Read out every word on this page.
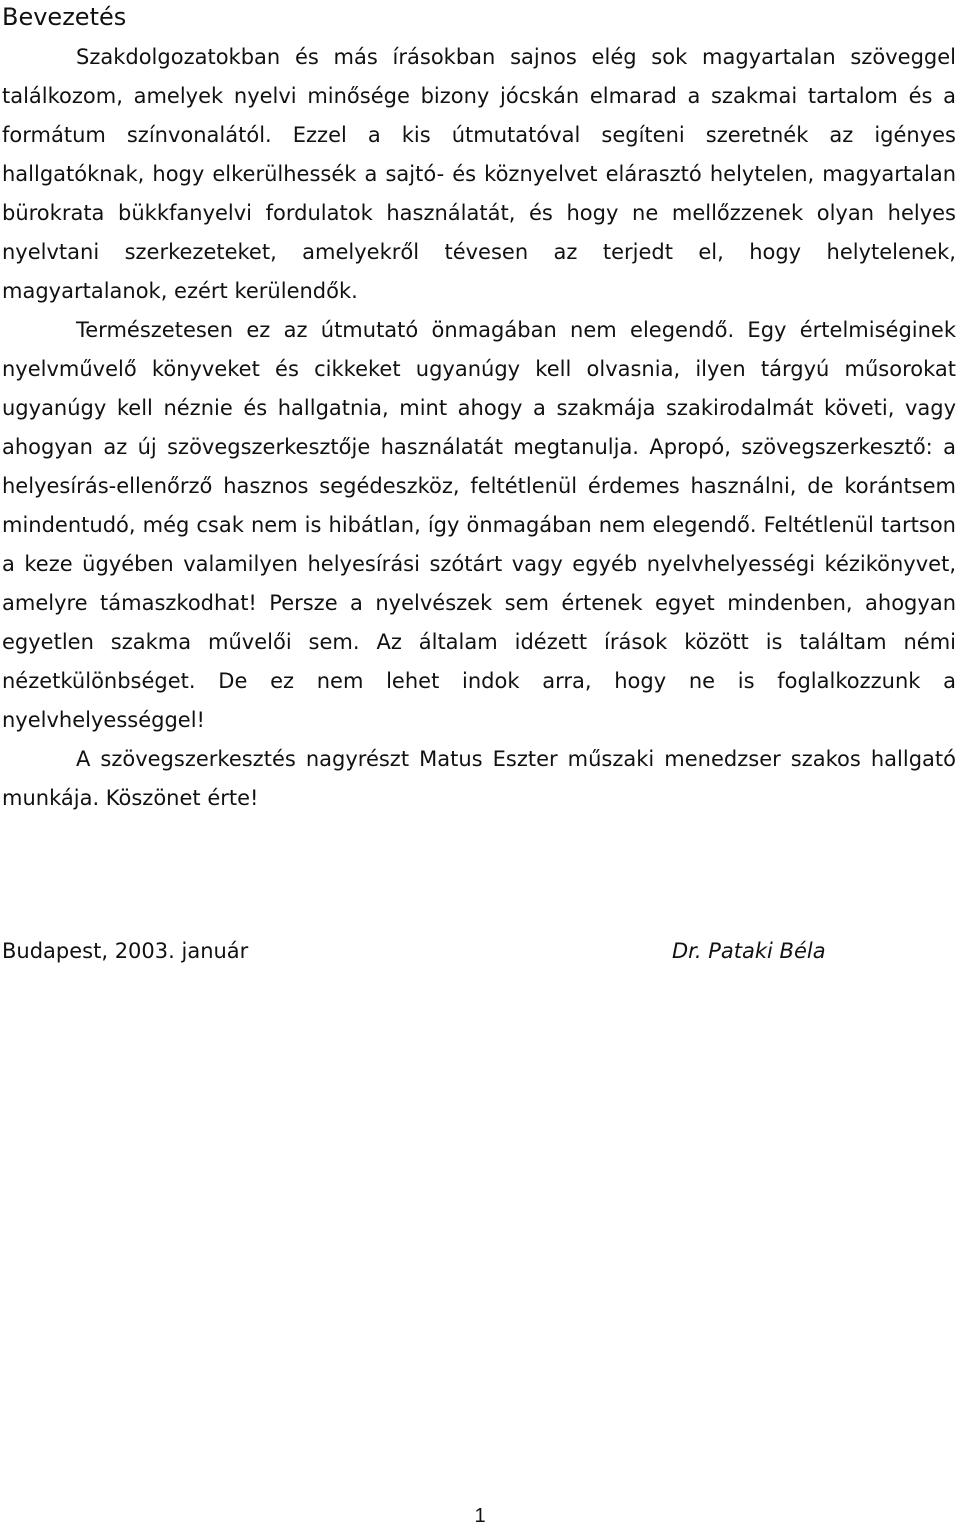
Bevezetés

Szakdolgozatokban és más írásokban sajnos elég sok magyartalan szöveggel találkozom, amelyek nyelvi minősége bizony jócskán elmarad a szakmai tartalom és a formátum színvonalától. Ezzel a kis útmutatóval segíteni szeretnék az igényes hallgatóknak, hogy elkerülhessék a sajtó- és köznyelvet elárasztó helytelen, magyartalan bürokrata bükkfanyelvi fordulatok használatát, és hogy ne mellőzzenek olyan helyes nyelvtani szerkezeteket, amelyekről tévesen az terjedt el, hogy helytelenek, magyartalanok, ezért kerülendők.

Természetesen ez az útmutató önmagában nem elegendő. Egy értelmiséginek nyelvművelő könyveket és cikkeket ugyanúgy kell olvasnia, ilyen tárgyú műsorokat ugyanúgy kell néznie és hallgatnia, mint ahogy a szakmája szakirodalmát követi, vagy ahogyan az új szövegszerkesztője használatát megtanulja. Apropó, szövegszerkesztő: a helyesírás-ellenőrző hasznos segédeszköz, feltétlenül érdemes használni, de korántsem mindentudó, még csak nem is hibátlan, így önmagában nem elegendő. Feltétlenül tartson a keze ügyében valamilyen helyesírási szótárt vagy egyéb nyelvhelyességi kézikönyvet, amelyre támaszkodhat! Persze a nyelvészek sem értenek egyet mindenben, ahogyan egyetlen szakma művelői sem. Az általam idézett írások között is találtam némi nézetkülönbséget. De ez nem lehet indok arra, hogy ne is foglalkozzunk a nyelvhelyességgel!

A szövegszerkesztés nagyrészt Matus Eszter műszaki menedzser szakos hallgató munkája. Köszönet érte!

Budapest, 2003. január	Dr. Pataki Béla
1
